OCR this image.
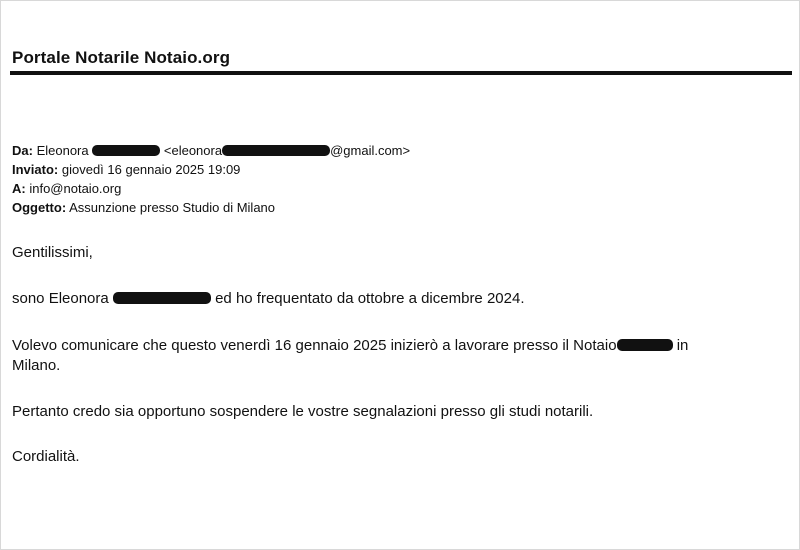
Portale Notarile Notaio.org
Da: Eleonora	<eleonora	@gmail.com>
Inviato: giovedì 16 gennaio 2025 19:09
A: info@notaio.org
Oggetto: Assunzione presso Studio di Milano
Gentilissimi,
sono Eleonora	ed ho frequentato da ottobre a dicembre 2024.
Volevo comunicare che questo venerdì 16 gennaio 2025 inizierò a lavorare presso il Notaio	in
Milano.
Pertanto credo sia opportuno sospendere le vostre segnalazioni presso gli studi notarili.
Cordialità.
